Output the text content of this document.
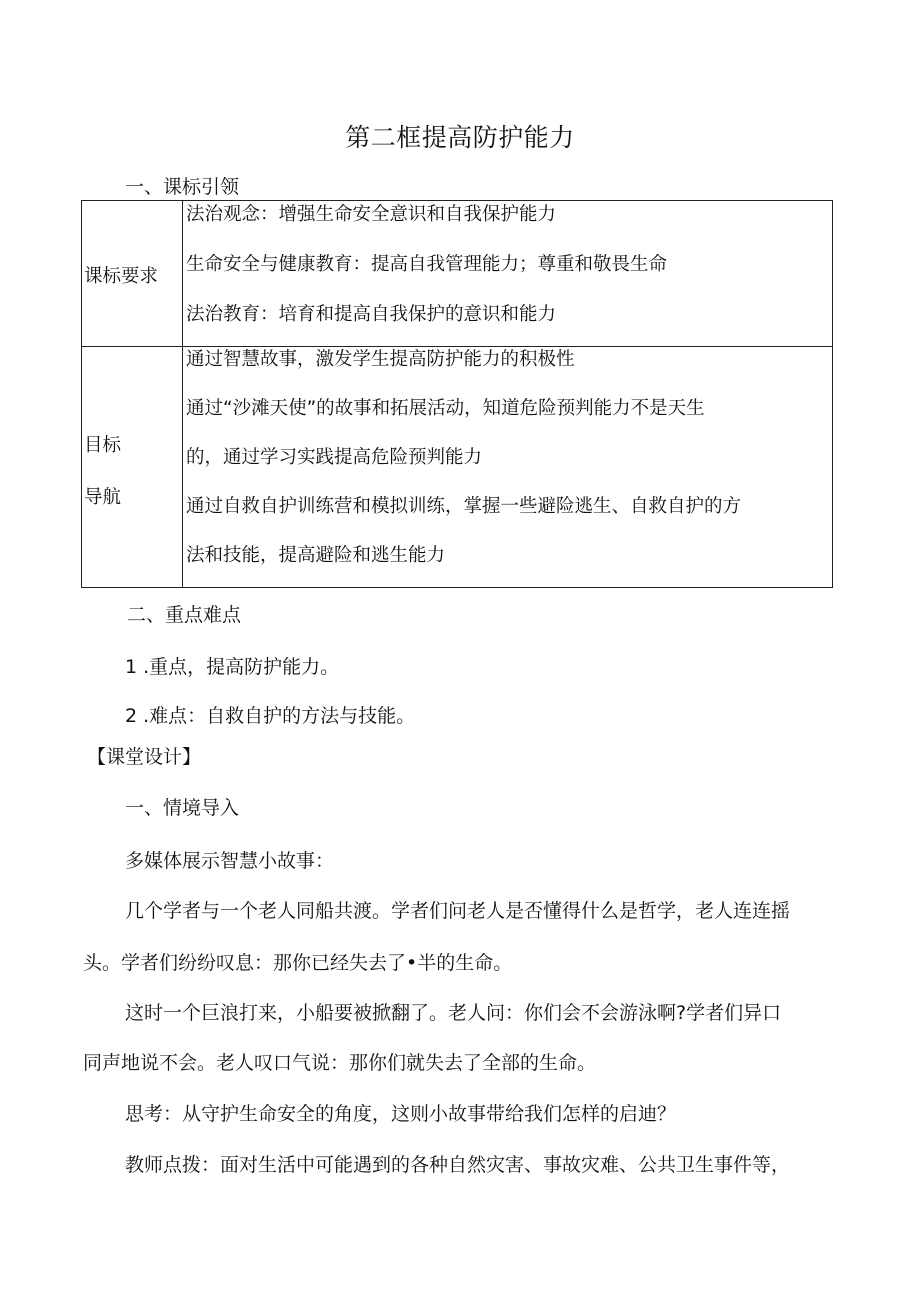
第二框提高防护能力
一、课标引领
课标要求	法治观念：增强生命安全意识和自我保护能力
生命安全与健康教育：提高自我管理能力；尊重和敬畏生命
法治教育：培育和提高自我保护的意识和能力

目标
导航	通过智慧故事，激发学生提高防护能力的积极性
通过“沙滩天使”的故事和拓展活动，知道危险预判能力不是天生
的，通过学习实践提高危险预判能力
通过自救自护训练营和模拟训练，掌握一些避险逃生、自救自护的方
法和技能，提高避险和逃生能力
二、重点难点
1 .重点，提高防护能力。
2 .难点：自救自护的方法与技能。
【课堂设计】
一、情境导入
多媒体展示智慧小故事：
几个学者与一个老人同船共渡。学者们问老人是否懂得什么是哲学，老人连连摇
头。学者们纷纷叹息：那你已经失去了•半的生命。
这时一个巨浪打来，小船要被掀翻了。老人问：你们会不会游泳啊?学者们异口
同声地说不会。老人叹口气说：那你们就失去了全部的生命。
思考：从守护生命安全的角度，这则小故事带给我们怎样的启迪？
教师点拨：面对生活中可能遇到的各种自然灾害、事故灾难、公共卫生事件等，
